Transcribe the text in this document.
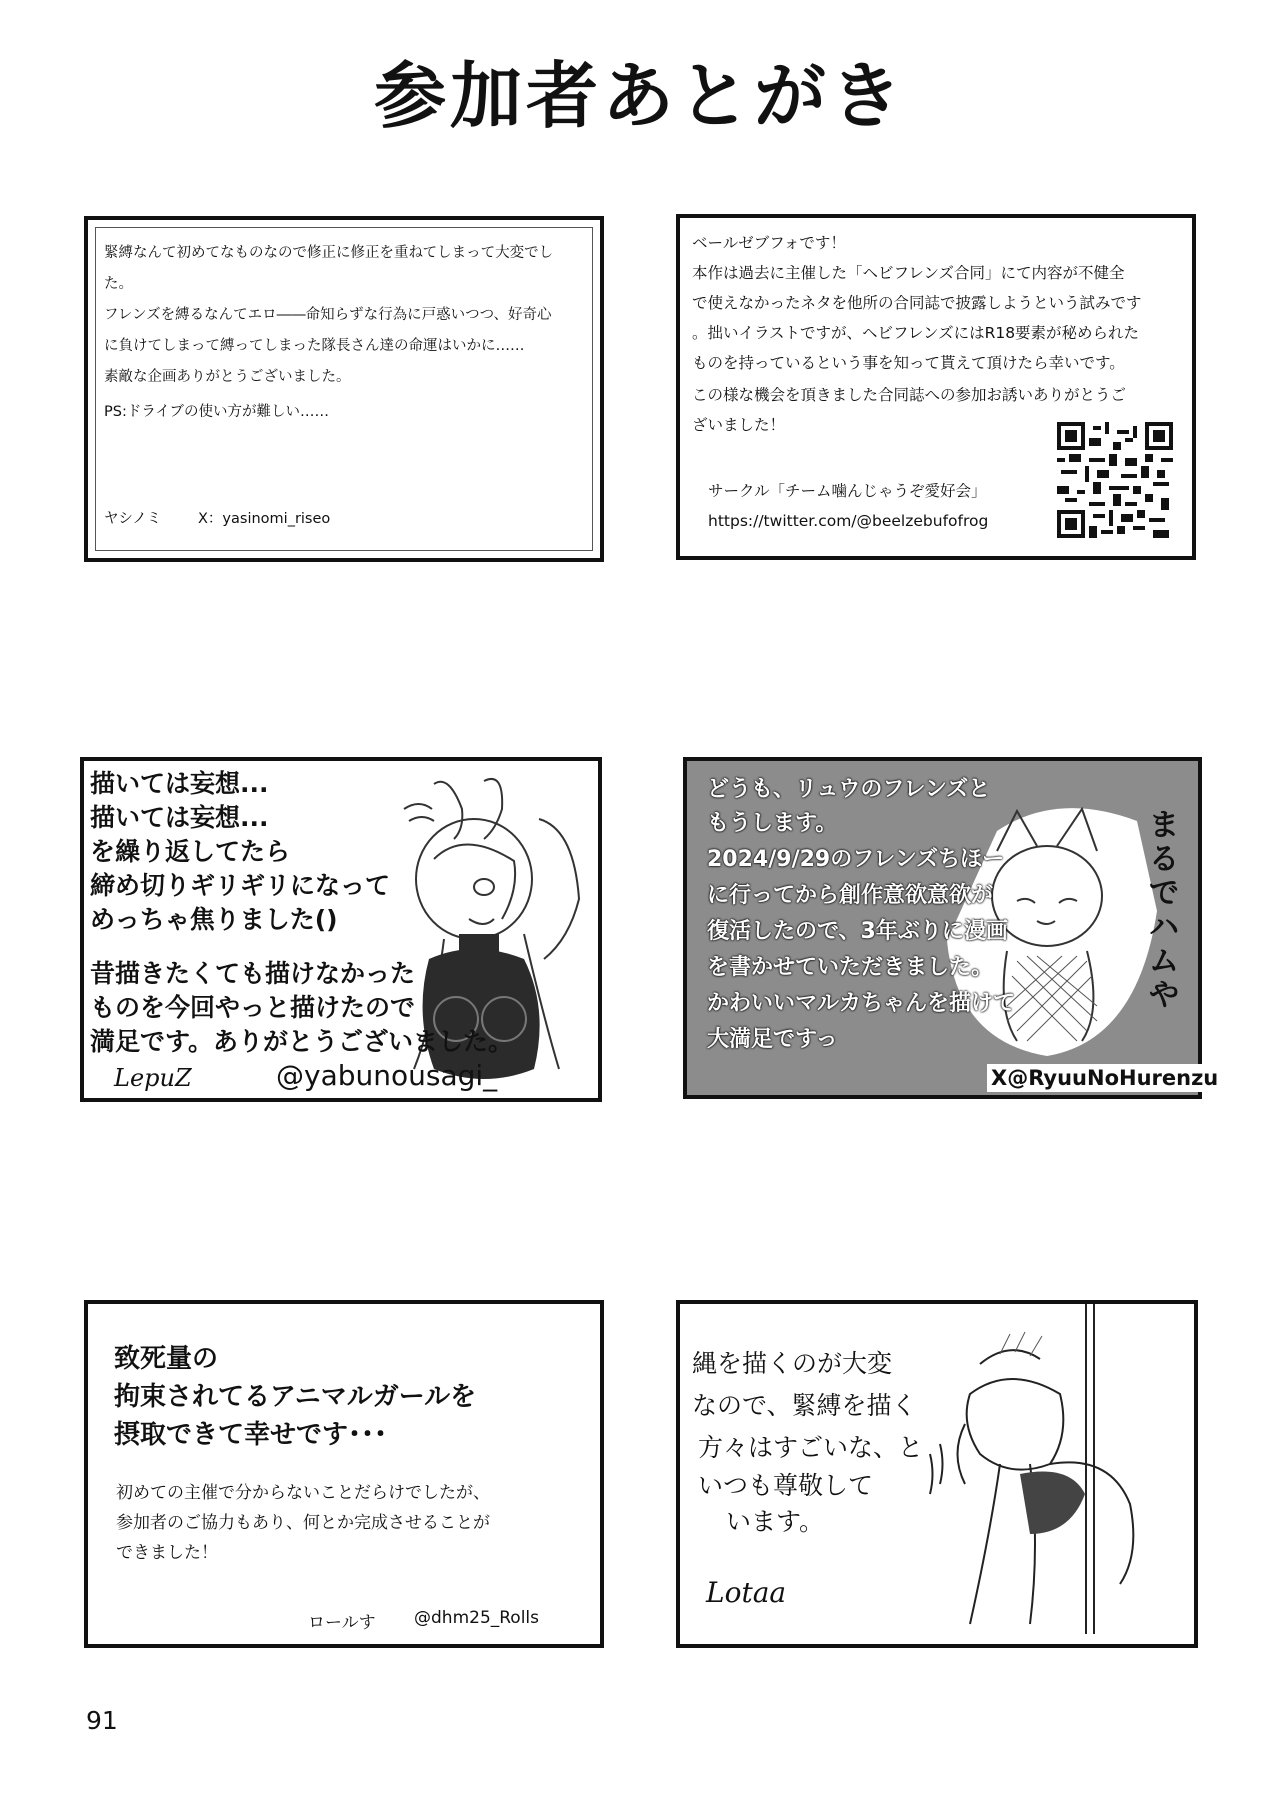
参加者あとがき
緊縛なんて初めてなものなので修正に修正を重ねてしまって大変でし
た。
フレンズを縛るなんてエロ――命知らずな行為に戸惑いつつ、好奇心
に負けてしまって縛ってしまった隊長さん達の命運はいかに……
素敵な企画ありがとうございました。
PS:ドライブの使い方が難しい……
ヤシノミ	X：yasinomi_riseo
ベールゼブフォです！
本作は過去に主催した「ヘビフレンズ合同」にて内容が不健全
で使えなかったネタを他所の合同誌で披露しようという試みです
。拙いイラストですが、ヘビフレンズにはR18要素が秘められた
ものを持っているという事を知って貰えて頂けたら幸いです。
この様な機会を頂きました合同誌への参加お誘いありがとうご
ざいました！
サークル「チーム噛んじゃうぞ愛好会」
https://twitter.com/@beelzebufofrog
描いては妄想...
描いては妄想...
を繰り返してたら
締め切りギリギリになって
めっちゃ焦りました()
昔描きたくても描けなかった
ものを今回やっと描けたので
満足です。ありがとうございました。
LepuZ	@yabunousagi_
どうも、リュウのフレンズと
もうします。
2024/9/29のフレンズちほー
に行ってから創作意欲意欲が
復活したので、3年ぶりに漫画
を書かせていただきました。
かわいいマルカちゃんを描けて
大満足ですっ
まるでハムや
X@RyuuNoHurenzu
致死量の
拘束されてるアニマルガールを
摂取できて幸せです･･･
初めての主催で分からないことだらけでしたが、
参加者のご協力もあり、何とか完成させることが
できました！
ロールす @dhm25_Rolls
縄を描くのが大変
なので、緊縛を描く
方々はすごいな、と
いつも尊敬して
います。
Lotaa
91
